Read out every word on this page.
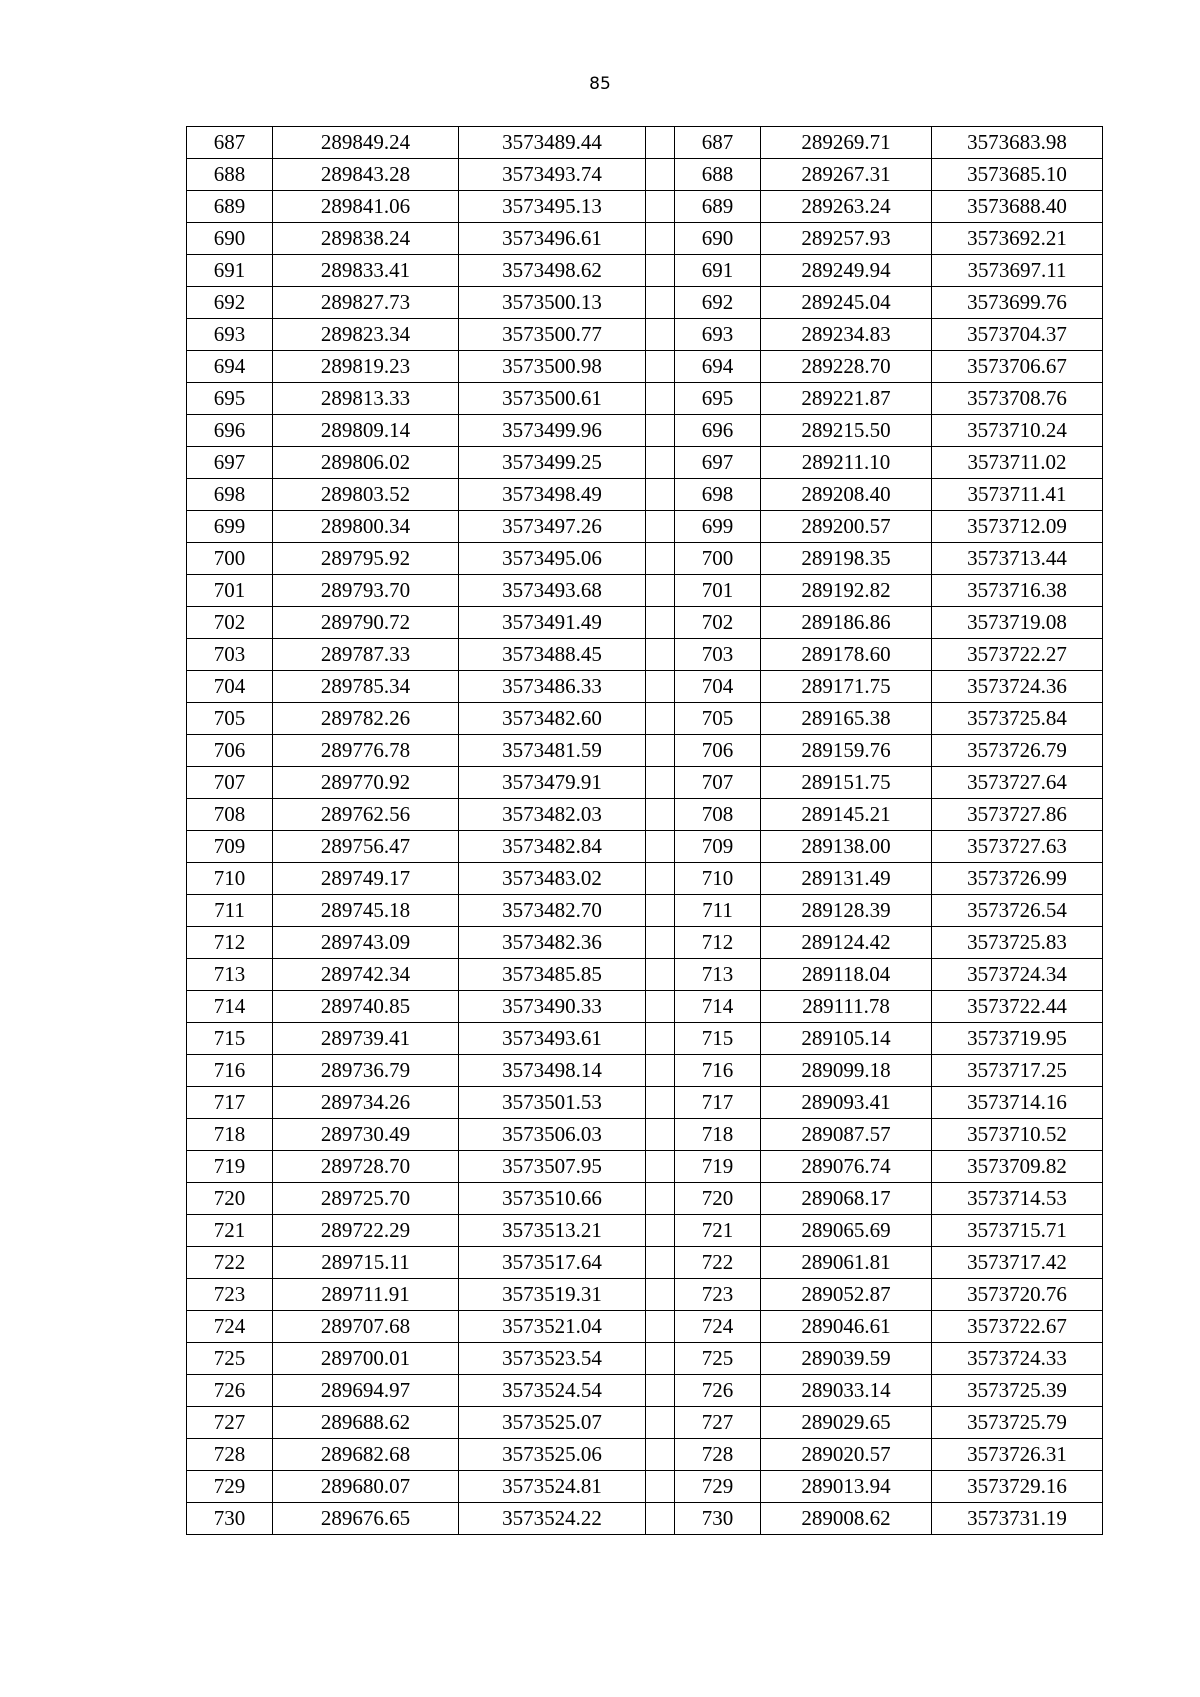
85
687	289849.24	3573489.44		687	289269.71	3573683.98
688	289843.28	3573493.74		688	289267.31	3573685.10
689	289841.06	3573495.13		689	289263.24	3573688.40
690	289838.24	3573496.61		690	289257.93	3573692.21
691	289833.41	3573498.62		691	289249.94	3573697.11
692	289827.73	3573500.13		692	289245.04	3573699.76
693	289823.34	3573500.77		693	289234.83	3573704.37
694	289819.23	3573500.98		694	289228.70	3573706.67
695	289813.33	3573500.61		695	289221.87	3573708.76
696	289809.14	3573499.96		696	289215.50	3573710.24
697	289806.02	3573499.25		697	289211.10	3573711.02
698	289803.52	3573498.49		698	289208.40	3573711.41
699	289800.34	3573497.26		699	289200.57	3573712.09
700	289795.92	3573495.06		700	289198.35	3573713.44
701	289793.70	3573493.68		701	289192.82	3573716.38
702	289790.72	3573491.49		702	289186.86	3573719.08
703	289787.33	3573488.45		703	289178.60	3573722.27
704	289785.34	3573486.33		704	289171.75	3573724.36
705	289782.26	3573482.60		705	289165.38	3573725.84
706	289776.78	3573481.59		706	289159.76	3573726.79
707	289770.92	3573479.91		707	289151.75	3573727.64
708	289762.56	3573482.03		708	289145.21	3573727.86
709	289756.47	3573482.84		709	289138.00	3573727.63
710	289749.17	3573483.02		710	289131.49	3573726.99
711	289745.18	3573482.70		711	289128.39	3573726.54
712	289743.09	3573482.36		712	289124.42	3573725.83
713	289742.34	3573485.85		713	289118.04	3573724.34
714	289740.85	3573490.33		714	289111.78	3573722.44
715	289739.41	3573493.61		715	289105.14	3573719.95
716	289736.79	3573498.14		716	289099.18	3573717.25
717	289734.26	3573501.53		717	289093.41	3573714.16
718	289730.49	3573506.03		718	289087.57	3573710.52
719	289728.70	3573507.95		719	289076.74	3573709.82
720	289725.70	3573510.66		720	289068.17	3573714.53
721	289722.29	3573513.21		721	289065.69	3573715.71
722	289715.11	3573517.64		722	289061.81	3573717.42
723	289711.91	3573519.31		723	289052.87	3573720.76
724	289707.68	3573521.04		724	289046.61	3573722.67
725	289700.01	3573523.54		725	289039.59	3573724.33
726	289694.97	3573524.54		726	289033.14	3573725.39
727	289688.62	3573525.07		727	289029.65	3573725.79
728	289682.68	3573525.06		728	289020.57	3573726.31
729	289680.07	3573524.81		729	289013.94	3573729.16
730	289676.65	3573524.22		730	289008.62	3573731.19
